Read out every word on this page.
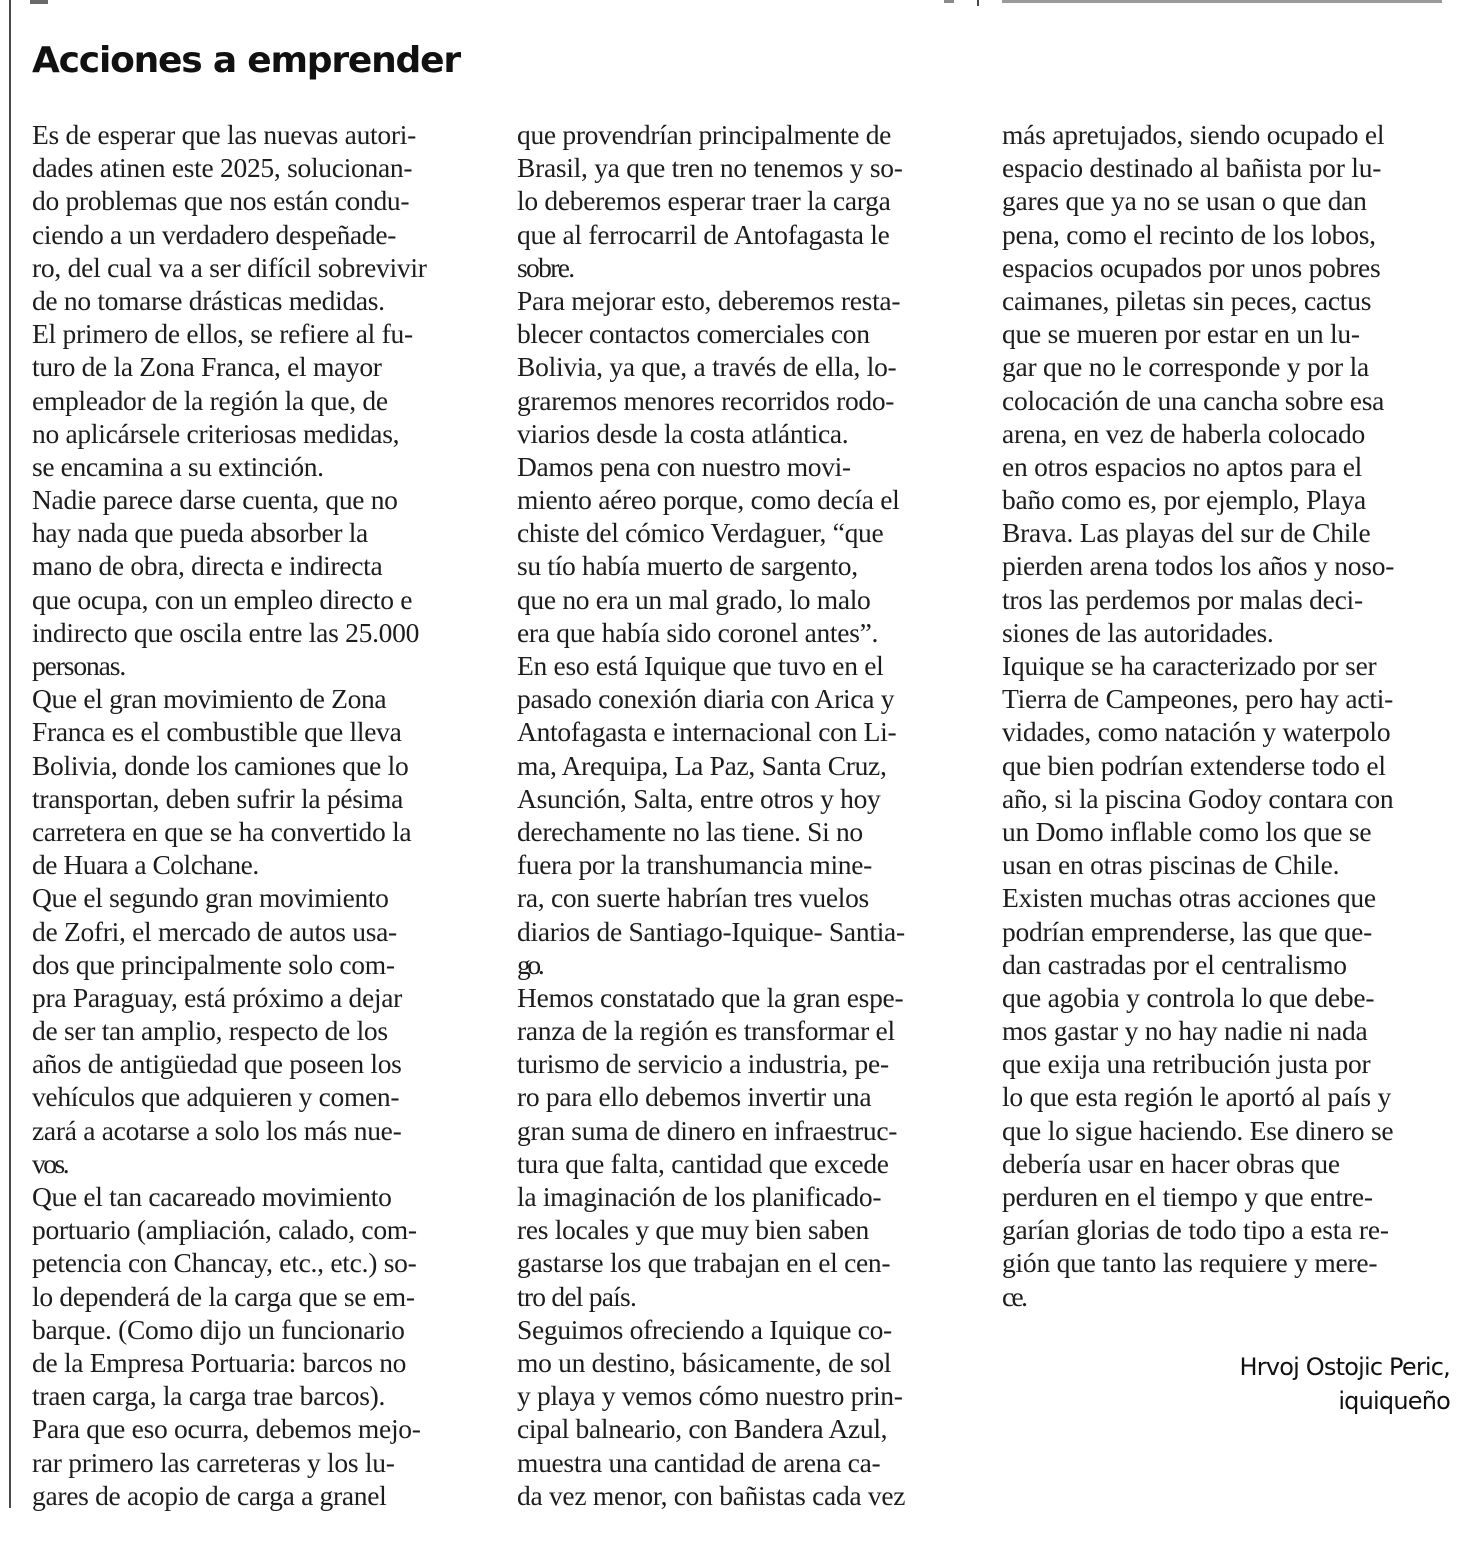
Acciones a emprender
Es de esperar que las nuevas autori-
dades atinen este 2025, solucionan-
do problemas que nos están condu-
ciendo a un verdadero despeñade-
ro, del cual va a ser difícil sobrevivir
de no tomarse drásticas medidas.
El primero de ellos, se refiere al fu-
turo de la Zona Franca, el mayor
empleador de la región la que, de
no aplicársele criteriosas medidas,
se encamina a su extinción.
Nadie parece darse cuenta, que no
hay nada que pueda absorber la
mano de obra, directa e indirecta
que ocupa, con un empleo directo e
indirecto que oscila entre las 25.000
personas.
Que el gran movimiento de Zona
Franca es el combustible que lleva
Bolivia, donde los camiones que lo
transportan, deben sufrir la pésima
carretera en que se ha convertido la
de Huara a Colchane.
Que el segundo gran movimiento
de Zofri, el mercado de autos usa-
dos que principalmente solo com-
pra Paraguay, está próximo a dejar
de ser tan amplio, respecto de los
años de antigüedad que poseen los
vehículos que adquieren y comen-
zará a acotarse a solo los más nue-
vos.
Que el tan cacareado movimiento
portuario (ampliación, calado, com-
petencia con Chancay, etc., etc.) so-
lo dependerá de la carga que se em-
barque. (Como dijo un funcionario
de la Empresa Portuaria: barcos no
traen carga, la carga trae barcos).
Para que eso ocurra, debemos mejo-
rar primero las carreteras y los lu-
gares de acopio de carga a granel
que provendrían principalmente de
Brasil, ya que tren no tenemos y so-
lo deberemos esperar traer la carga
que al ferrocarril de Antofagasta le
sobre.
Para mejorar esto, deberemos resta-
blecer contactos comerciales con
Bolivia, ya que, a través de ella, lo-
graremos menores recorridos rodo-
viarios desde la costa atlántica.
Damos pena con nuestro movi-
miento aéreo porque, como decía el
chiste del cómico Verdaguer, “que
su tío había muerto de sargento,
que no era un mal grado, lo malo
era que había sido coronel antes”.
En eso está Iquique que tuvo en el
pasado conexión diaria con Arica y
Antofagasta e internacional con Li-
ma, Arequipa, La Paz, Santa Cruz,
Asunción, Salta, entre otros y hoy
derechamente no las tiene. Si no
fuera por la transhumancia mine-
ra, con suerte habrían tres vuelos
diarios de Santiago-Iquique- Santia-
go.
Hemos constatado que la gran espe-
ranza de la región es transformar el
turismo de servicio a industria, pe-
ro para ello debemos invertir una
gran suma de dinero en infraestruc-
tura que falta, cantidad que excede
la imaginación de los planificado-
res locales y que muy bien saben
gastarse los que trabajan en el cen-
tro del país.
Seguimos ofreciendo a Iquique co-
mo un destino, básicamente, de sol
y playa y vemos cómo nuestro prin-
cipal balneario, con Bandera Azul,
muestra una cantidad de arena ca-
da vez menor, con bañistas cada vez
más apretujados, siendo ocupado el
espacio destinado al bañista por lu-
gares que ya no se usan o que dan
pena, como el recinto de los lobos,
espacios ocupados por unos pobres
caimanes, piletas sin peces, cactus
que se mueren por estar en un lu-
gar que no le corresponde y por la
colocación de una cancha sobre esa
arena, en vez de haberla colocado
en otros espacios no aptos para el
baño como es, por ejemplo, Playa
Brava. Las playas del sur de Chile
pierden arena todos los años y noso-
tros las perdemos por malas deci-
siones de las autoridades.
Iquique se ha caracterizado por ser
Tierra de Campeones, pero hay acti-
vidades, como natación y waterpolo
que bien podrían extenderse todo el
año, si la piscina Godoy contara con
un Domo inflable como los que se
usan en otras piscinas de Chile.
Existen muchas otras acciones que
podrían emprenderse, las que que-
dan castradas por el centralismo
que agobia y controla lo que debe-
mos gastar y no hay nadie ni nada
que exija una retribución justa por
lo que esta región le aportó al país y
que lo sigue haciendo. Ese dinero se
debería usar en hacer obras que
perduren en el tiempo y que entre-
garían glorias de todo tipo a esta re-
gión que tanto las requiere y mere-
ce.
Hrvoj Ostojic Peric,
iquiqueño
